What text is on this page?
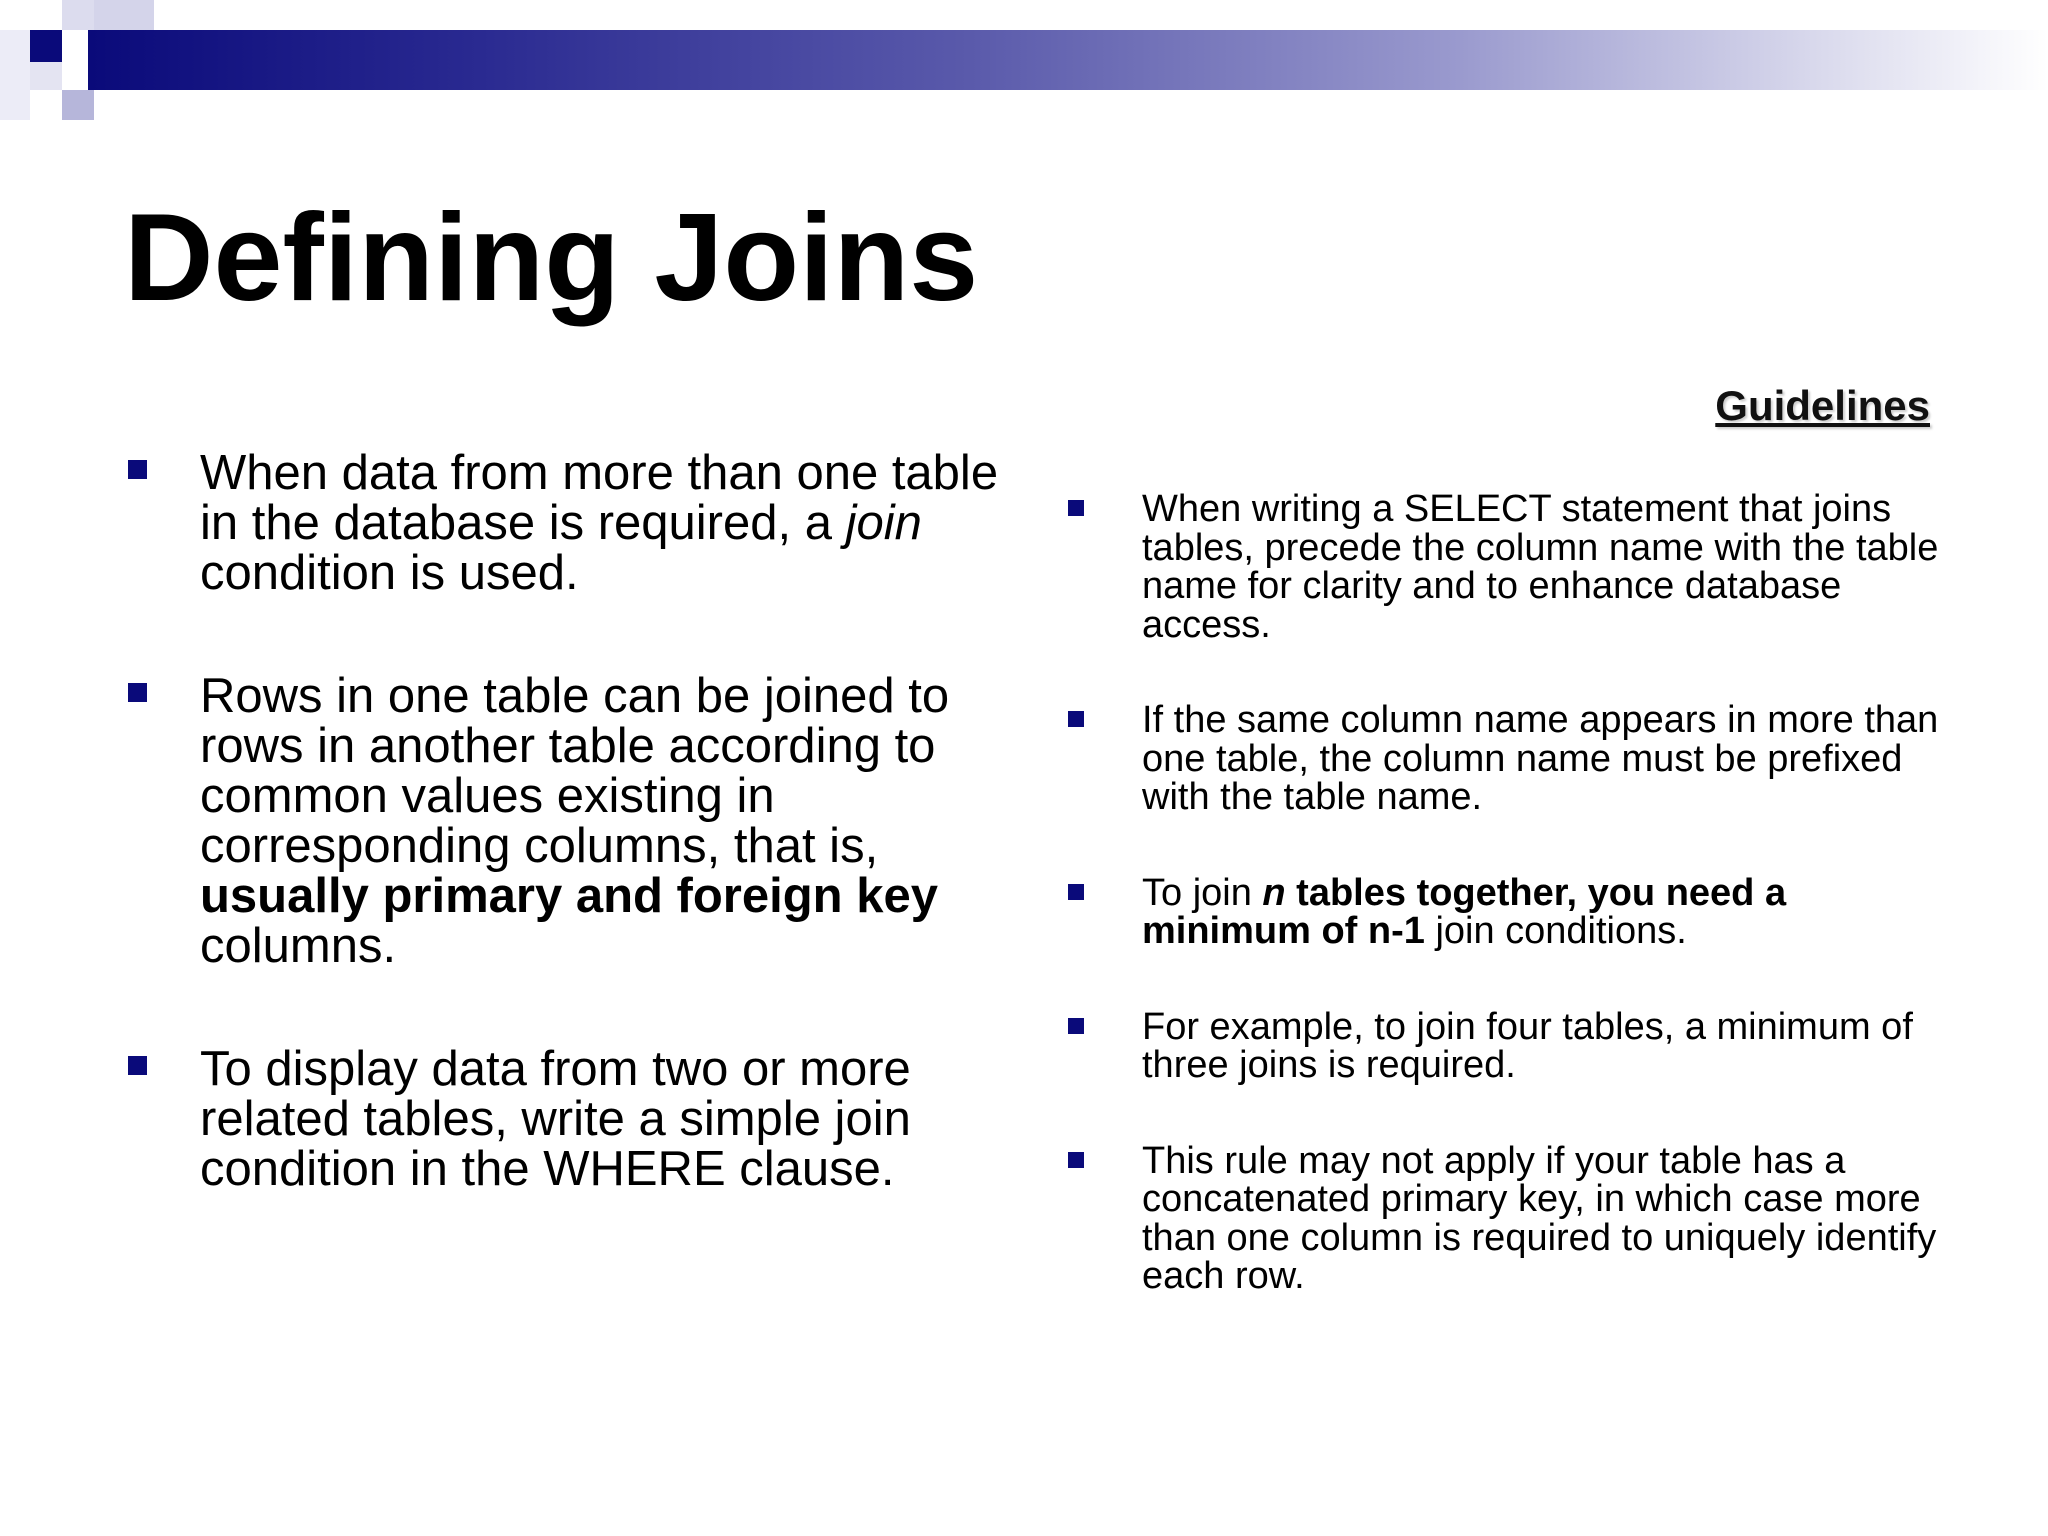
Defining Joins
When data from more than one table in the database is required, a join condition is used.
Rows in one table can be joined to rows in another table according to common values existing in corresponding columns, that is, usually primary and foreign key columns.
To display data from two or more related tables, write a simple join condition in the WHERE clause.
Guidelines
When writing a SELECT statement that joins tables, precede the column name with the table name for clarity and to enhance database access.
If the same column name appears in more than one table, the column name must be prefixed with the table name.
To join n tables together, you need a minimum of n-1 join conditions.
For example, to join four tables, a minimum of three joins is required.
This rule may not apply if your table has a concatenated primary key, in which case more than one column is required to uniquely identify each row.
